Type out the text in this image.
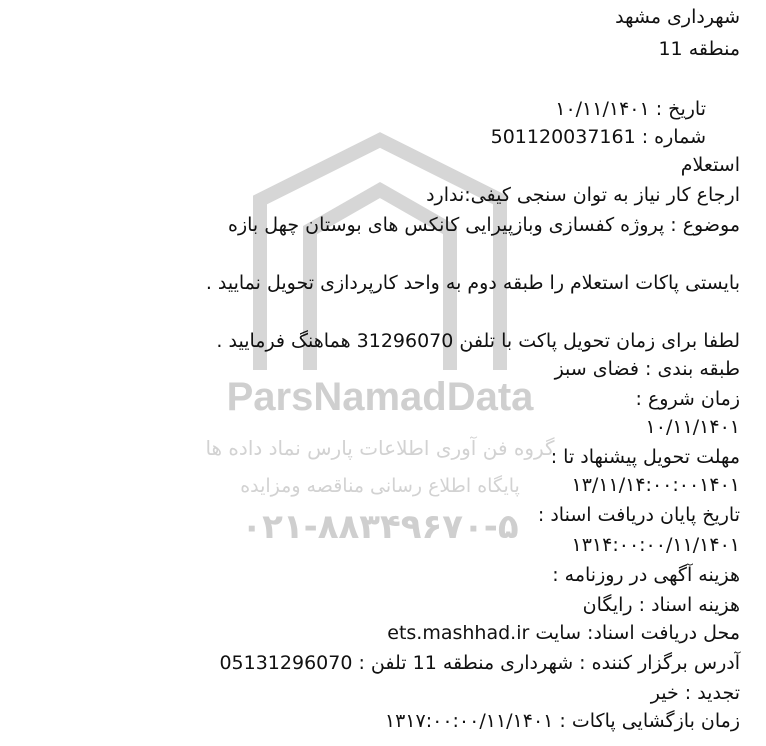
ParsNamadData
گروه فن آوری اطلاعات پارس نماد داده ها
پایگاه اطلاع رسانی مناقصه ومزایده
۰۲۱-۸۸۳۴۹۶۷۰-۵
شهرداری مشهد
منطقه 11
تاریخ : ۱۰/۱۱/۱۴۰۱
شماره : 501120037161
استعلام
ارجاع کار نیاز به توان سنجی کیفی:ندارد
موضوع : پروژه کفسازی وبازپیرایی کانکس های بوستان چهل بازه
بایستی پاکات استعلام را طبقه دوم به واحد کارپردازی تحویل نمایید .
لطفا برای زمان تحویل پاکت با تلفن 31296070 هماهنگ فرمایید .
طبقه بندی : فضای سبز
زمان شروع :
۱۰/۱۱/۱۴۰۱
مهلت تحویل پیشنهاد تا :
۱۳/۱۱/۱۴:۰۰:۰۰۱۴۰۱
تاریخ پایان دریافت اسناد :
۱۳۱۴:۰۰:۰۰/۱۱/۱۴۰۱
هزینه آگهی در روزنامه :
هزینه اسناد : رایگان
محل دریافت اسناد: سایت ets.mashhad.ir
آدرس برگزار کننده : شهرداری منطقه 11 تلفن : 05131296070
تجدید : خیر
زمان بازگشایی پاکات : ۱۳۱۷:۰۰:۰۰/۱۱/۱۴۰۱
